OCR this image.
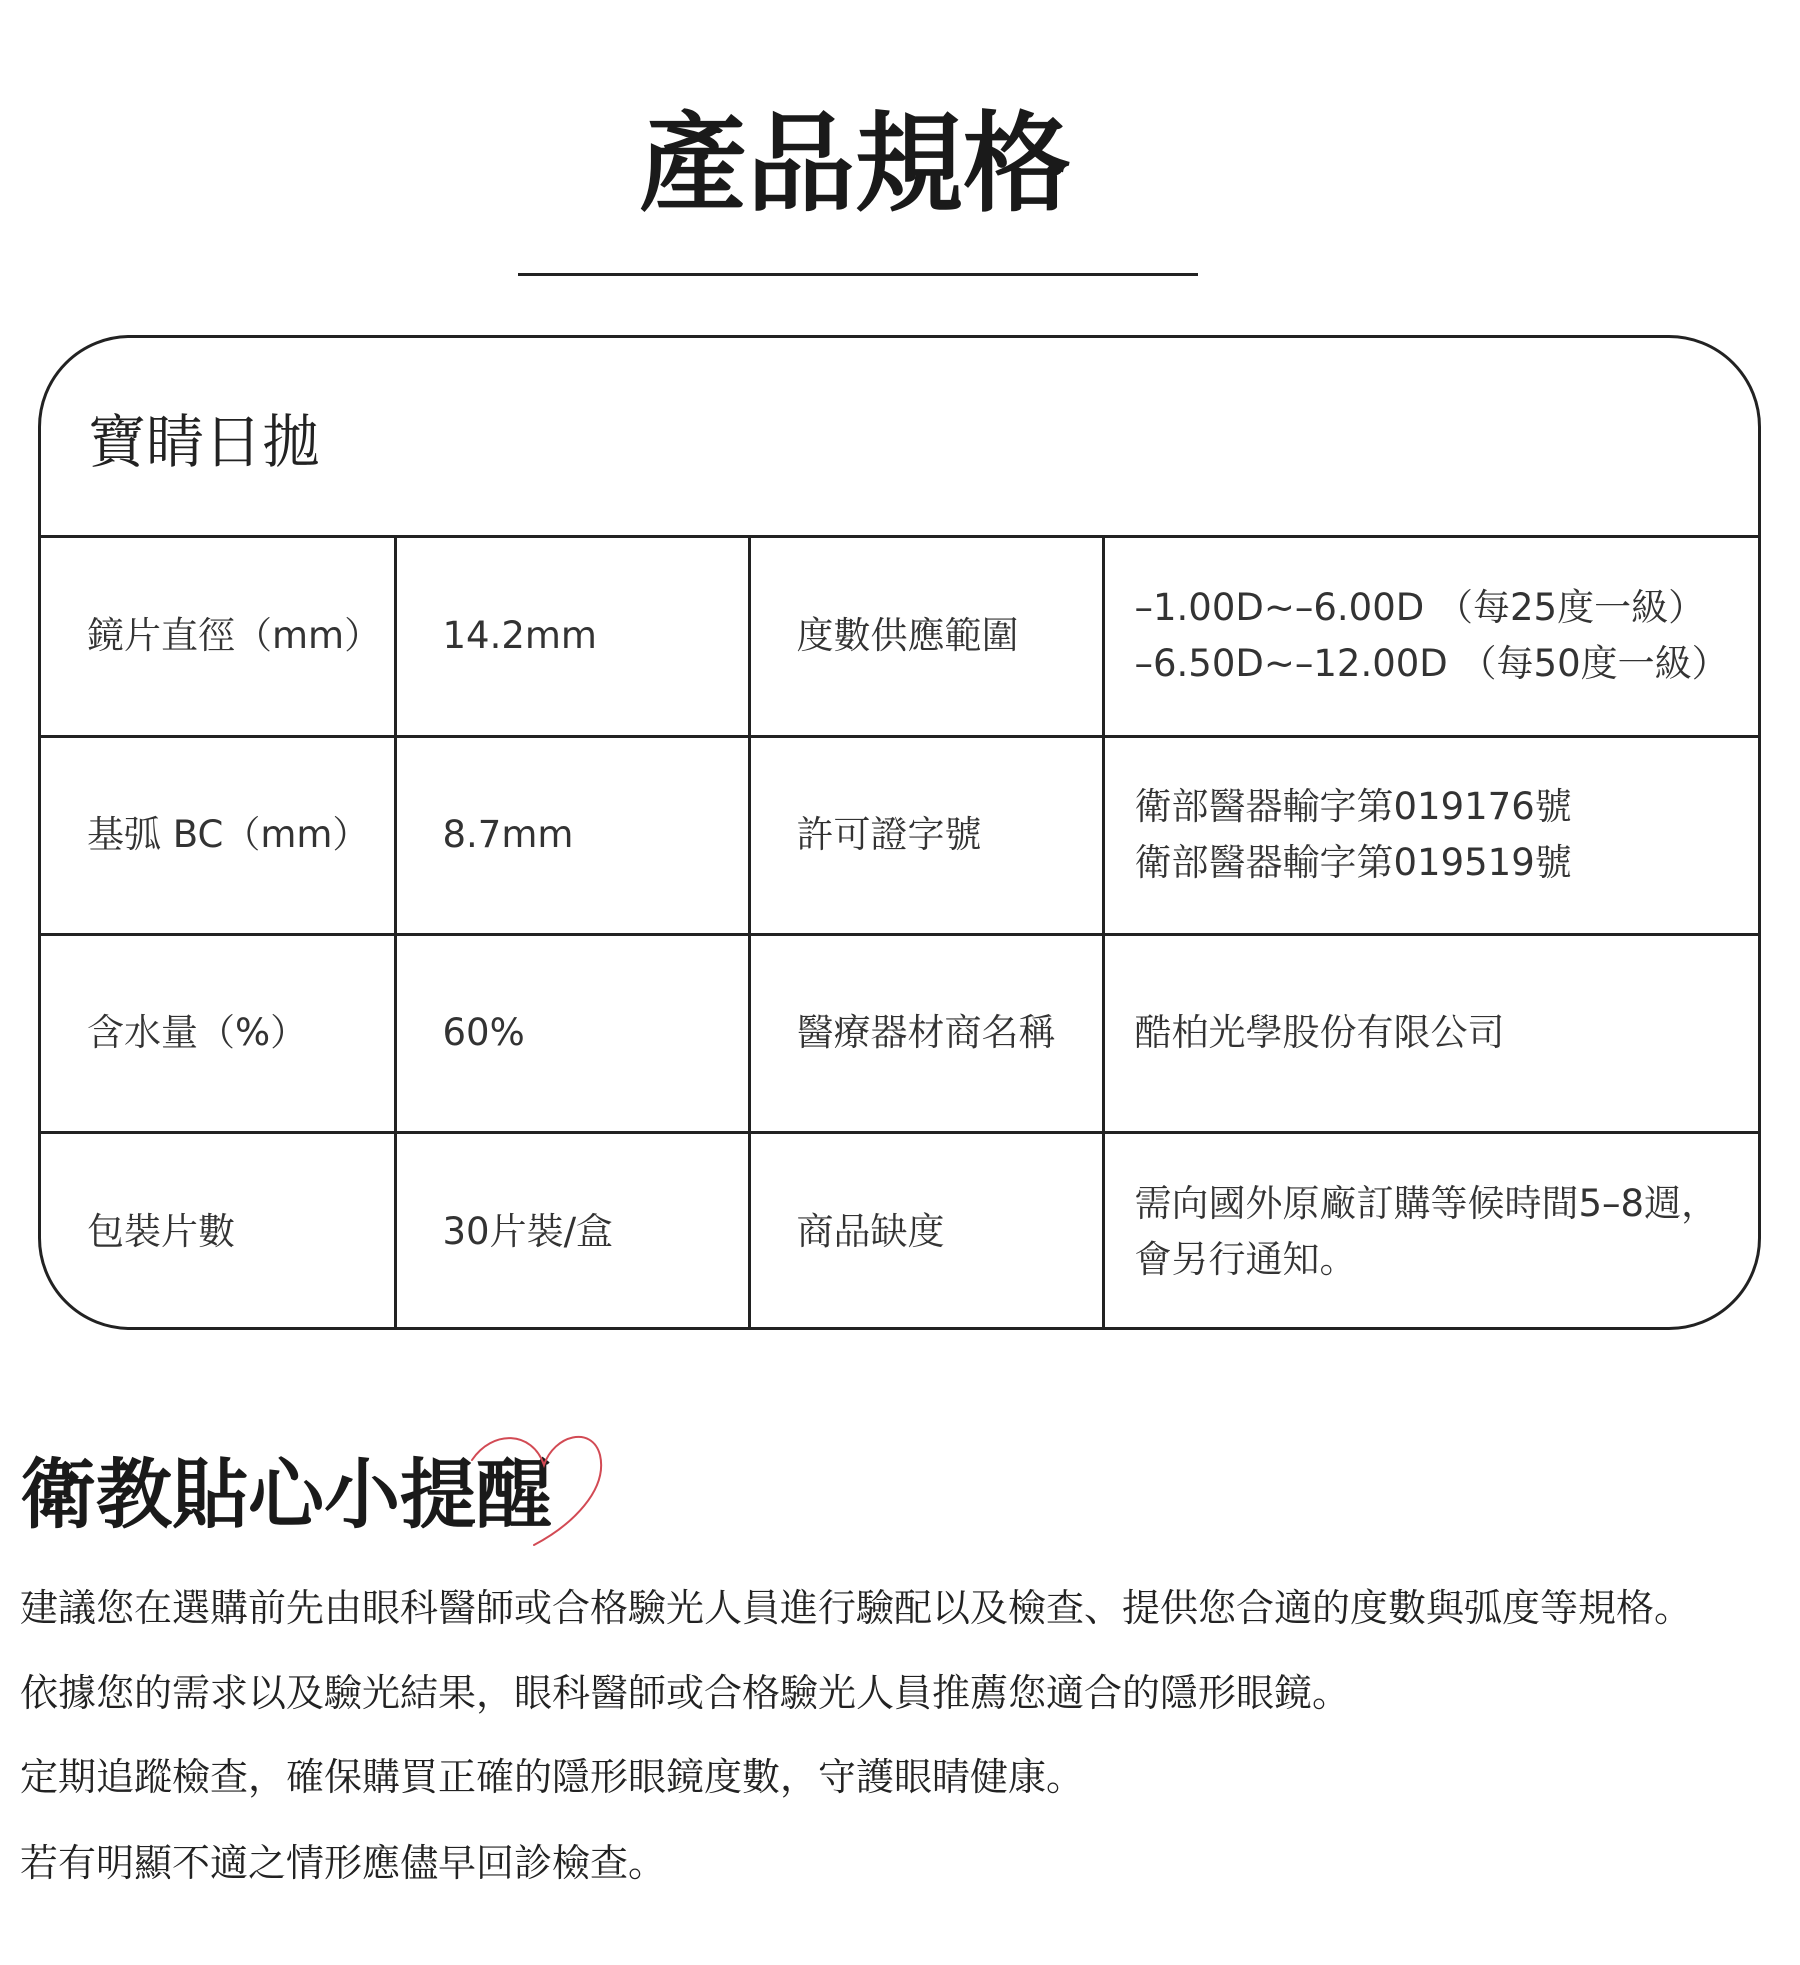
產品規格
寶睛日拋
鏡片直徑（mm）	14.2mm	度數供應範圍	–1.00D~–6.00D （每25度一級）
–6.50D~–12.00D （每50度一級）

基弧 BC（mm）	8.7mm	許可證字號	衛部醫器輸字第019176號
衛部醫器輸字第019519號

含水量（%）	60%	醫療器材商名稱	酷柏光學股份有限公司

包裝片數	30片裝/盒	商品缺度	需向國外原廠訂購等候時間5–8週，
會另行通知。
衛教貼心小提醒

建議您在選購前先由眼科醫師或合格驗光人員進行驗配以及檢查、提供您合適的度數與弧度等規格。

依據您的需求以及驗光結果，眼科醫師或合格驗光人員推薦您適合的隱形眼鏡。

定期追蹤檢查，確保購買正確的隱形眼鏡度數，守護眼睛健康。

若有明顯不適之情形應儘早回診檢查。
